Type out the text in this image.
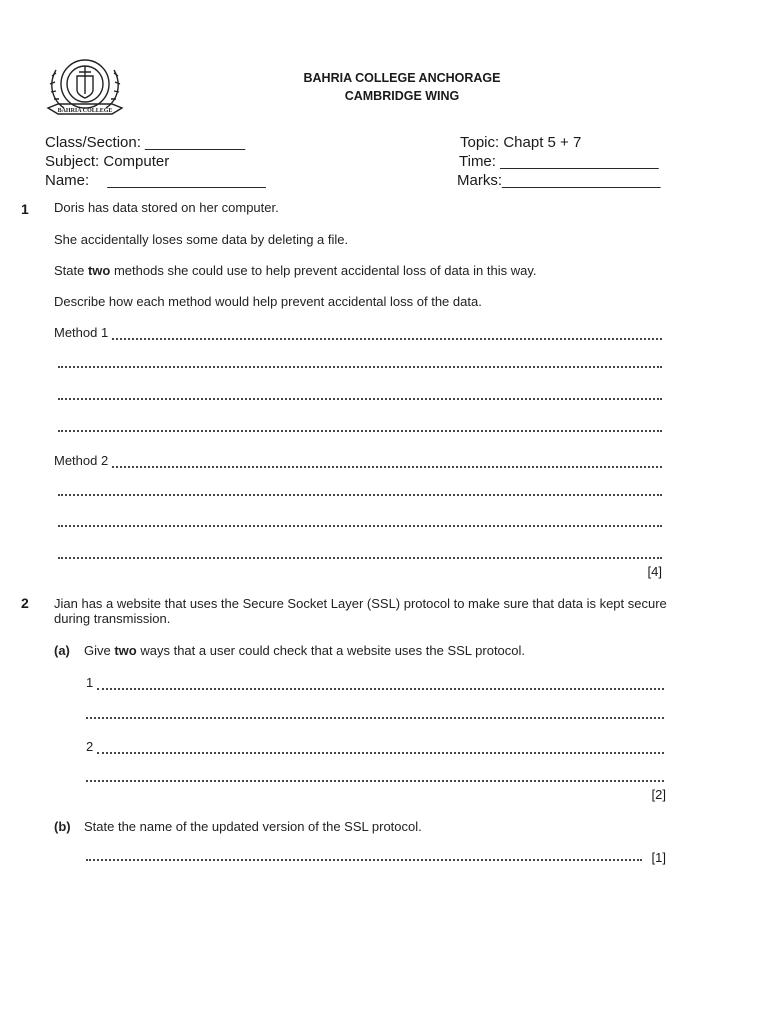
BAHRIA COLLEGE
BAHRIA COLLEGE ANCHORAGE
CAMBRIDGE WING
Class/Section: ____________
Subject: Computer
Name: ___________________
Topic: Chapt 5 + 7
Time: ___________________
Marks:___________________
1 Doris has data stored on her computer.
She accidentally loses some data by deleting a file.
State two methods she could use to help prevent accidental loss of data in this way.
Describe how each method would help prevent accidental loss of the data.
Method 1
Method 2
[4]
2 Jian has a website that uses the Secure Socket Layer (SSL) protocol to make sure that data is kept secure during transmission.
(a) Give two ways that a user could check that a website uses the SSL protocol.
1
2
[2]
(b) State the name of the updated version of the SSL protocol.
[1]
